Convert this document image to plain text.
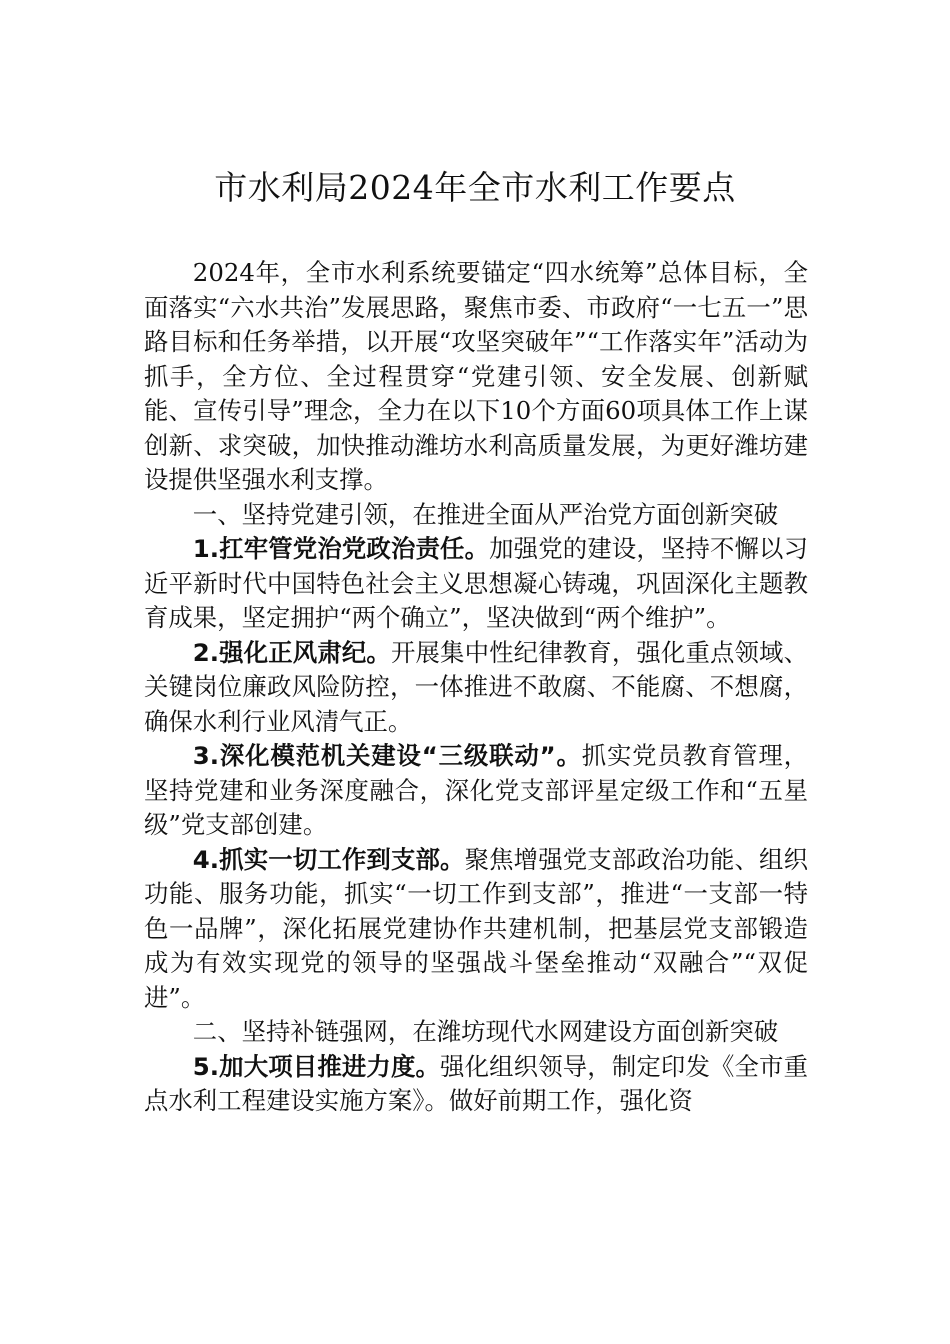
市水利局2024年全市水利工作要点

2024年，全市水利系统要锚定“四水统筹”总体目标，全面落实“六水共治”发展思路，聚焦市委、市政府“一七五一”思路目标和任务举措，以开展“攻坚突破年”“工作落实年”活动为抓手，全方位、全过程贯穿“党建引领、安全发展、创新赋能、宣传引导”理念，全力在以下10个方面60项具体工作上谋创新、求突破，加快推动潍坊水利高质量发展，为更好潍坊建设提供坚强水利支撑。

一、坚持党建引领，在推进全面从严治党方面创新突破

1.扛牢管党治党政治责任。加强党的建设，坚持不懈以习近平新时代中国特色社会主义思想凝心铸魂，巩固深化主题教育成果，坚定拥护“两个确立”，坚决做到“两个维护”。

2.强化正风肃纪。开展集中性纪律教育，强化重点领域、关键岗位廉政风险防控，一体推进不敢腐、不能腐、不想腐，确保水利行业风清气正。

3.深化模范机关建设“三级联动”。抓实党员教育管理，坚持党建和业务深度融合，深化党支部评星定级工作和“五星级”党支部创建。

4.抓实一切工作到支部。聚焦增强党支部政治功能、组织功能、服务功能，抓实“一切工作到支部”，推进“一支部一特色一品牌”，深化拓展党建协作共建机制，把基层党支部锻造成为有效实现党的领导的坚强战斗堡垒推动“双融合”“双促进”。

二、坚持补链强网，在潍坊现代水网建设方面创新突破

5.加大项目推进力度。强化组织领导，制定印发《全市重点水利工程建设实施方案》。做好前期工作，强化资
